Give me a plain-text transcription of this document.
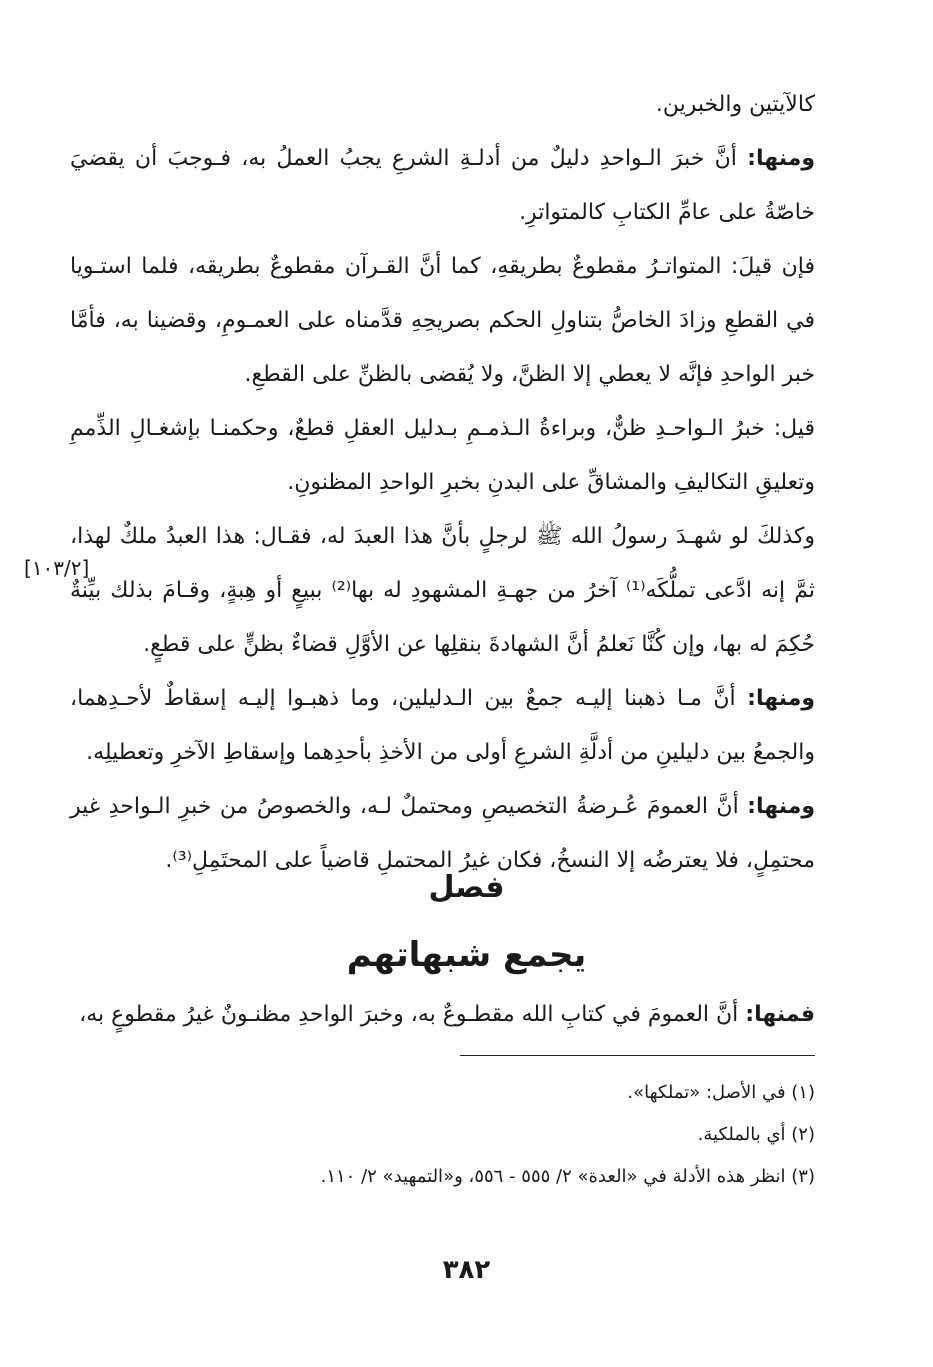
كالآيتين والخبرين.

ومنها: أنَّ خبرَ الـواحدِ دليلٌ من أدلـةِ الشرعِ يجبُ العملُ به، فـوجبَ أن يقضيَ خاصّةُ على عامِّ الكتابِ كالمتواترِ.

فإن قيلَ: المتواتـرُ مقطوعٌ بطريقهِ، كما أنَّ القـرآن مقطوعٌ بطريقه، فلما استـويا في القطعِ وزادَ الخاصُّ بتناولِ الحكم بصريحِهِ قدَّمناه على العمـومِ، وقضينا به، فأمَّا خبر الواحدِ فإنَّه لا يعطي إلا الظنَّ، ولا يُقضى بالظنِّ على القطعِ.

قيل: خبرُ الـواحـدِ ظنٌّ، وبراءةُ الـذمـمِ بـدليل العقلِ قطعٌ، وحكمنـا بإشغـالِ الذِّممِ وتعليقِ التكاليفِ والمشاقِّ على البدنِ بخبرِ الواحدِ المظنونِ.

وكذلكَ لو شهـدَ رسولُ الله ﷺ لرجلٍ بأنَّ هذا العبدَ له، فقـال: هذا العبدُ ملكٌ لهذا، ثمَّ إنه ادَّعى تملُّكَه⁽¹⁾ آخرُ من جهـةِ المشهودِ له بها⁽²⁾ ببيعٍ أو هِبةٍ، وقـامَ بذلك بيِّنةٌ حُكِمَ له بها، وإن كُنَّا نَعلمُ أنَّ الشهادةَ بنقلِها عن الأوَّلِ قضاءٌ بظنٍّ على قطعٍ.

ومنها: أنَّ مـا ذهبنا إليـه جمعٌ بين الـدليلين، وما ذهبـوا إليـه إسقاطٌ لأحـدِهما، والجمعُ بين دليلينِ من أدلَّةِ الشرعِ أولى من الأخذِ بأحدِهما وإسقاطِ الآخرِ وتعطيلِه.

ومنها: أنَّ العمومَ عُـرضةُ التخصيصِ ومحتملٌ لـه، والخصوصُ من خبرِ الـواحدِ غير محتمِلٍ، فلا يعترضُه إلا النسخُ، فكان غيرُ المحتملِ قاضياً على المحتَمِلِ⁽³⁾.

[١٠٣/٢]
فصل
يجمع شبهاتهم
فمنها: أنَّ العمومَ في كتابِ الله مقطـوعٌ به، وخبرَ الواحدِ مظنـونٌ غيرُ مقطوعٍ به،

(١) في الأصل: «تملكها».

(٢) أي بالملكية.

(٣) انظر هذه الأدلة في «العدة» ٢/ ٥٥٥ - ٥٥٦، و«التمهيد» ٢/ ١١٠.

٣٨٢
